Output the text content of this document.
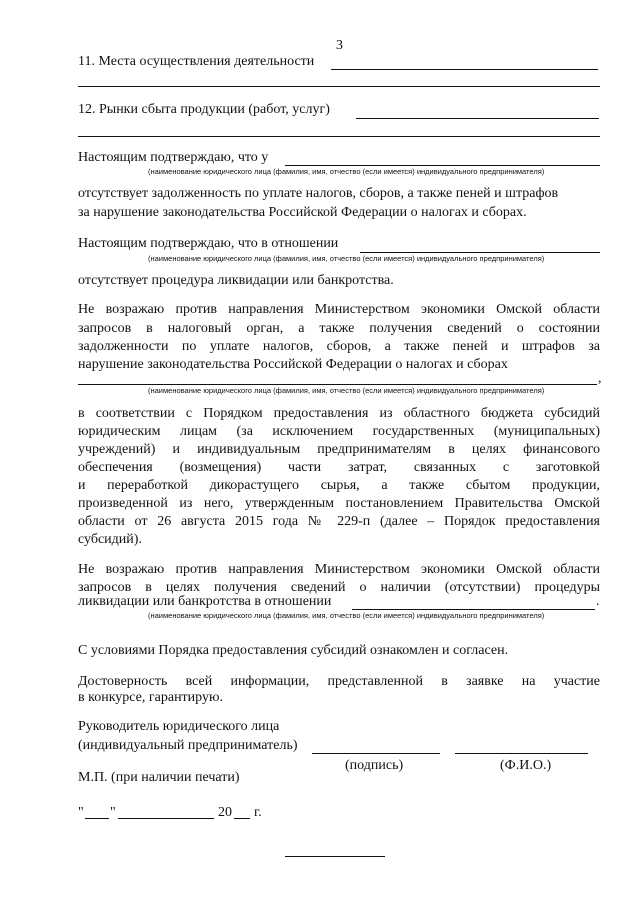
3
11. Места осуществления деятельности
12. Рынки сбыта продукции (работ, услуг)
Настоящим подтверждаю, что у
(наименование юридического лица (фамилия, имя, отчество (если имеется) индивидуального предпринимателя)
отсутствует задолженность по уплате налогов, сборов, а также пеней и штрафов
за нарушение законодательства Российской Федерации о налогах и сборах.
Настоящим подтверждаю, что в отношении
(наименование юридического лица (фамилия, имя, отчество (если имеется) индивидуального предпринимателя)
отсутствует процедура ликвидации или банкротства.
Не возражаю против направления Министерством экономики Омской области
запросов в налоговый орган, а также получения сведений о состоянии
задолженности по уплате налогов, сборов, а также пеней и штрафов за
нарушение законодательства Российской Федерации о налогах и сборах
,
(наименование юридического лица (фамилия, имя, отчество (если имеется) индивидуального предпринимателя)
в соответствии с Порядком предоставления из областного бюджета субсидий
юридическим лицам (за исключением государственных (муниципальных)
учреждений) и индивидуальным предпринимателям в целях финансового
обеспечения (возмещения) части затрат, связанных с заготовкой
и переработкой дикорастущего сырья, а также сбытом продукции,
произведенной из него, утвержденным постановлением Правительства Омской
области от 26 августа 2015 года № 229-п (далее – Порядок предоставления
субсидий).
Не возражаю против направления Министерством экономики Омской области
запросов в целях получения сведений о наличии (отсутствии) процедуры
ликвидации или банкротства в отношении	.
(наименование юридического лица (фамилия, имя, отчество (если имеется) индивидуального предпринимателя)
С условиями Порядка предоставления субсидий ознакомлен и согласен.
Достоверность всей информации, представленной в заявке на участие
в конкурсе, гарантирую.
Руководитель юридического лица
(индивидуальный предприниматель)
(подпись)	(Ф.И.О.)
М.П. (при наличии печати)
" "	20 г.
